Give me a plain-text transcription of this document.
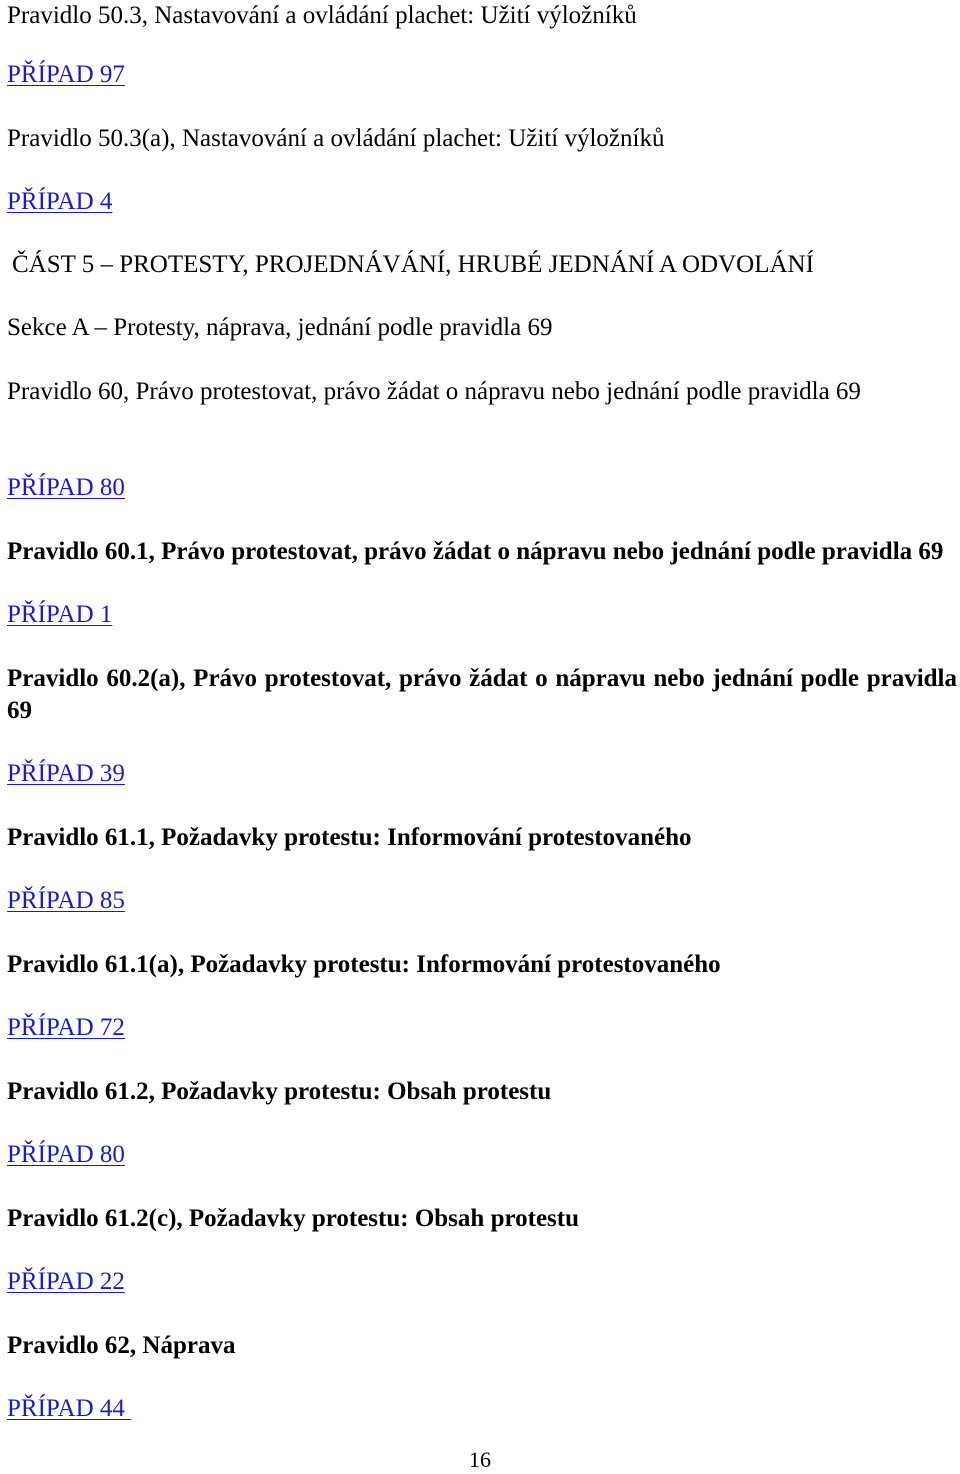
Pravidlo 50.3, Nastavování a ovládání plachet: Užití výložníků
PŘÍPAD 97
Pravidlo 50.3(a), Nastavování a ovládání plachet: Užití výložníků
PŘÍPAD 4
ČÁST 5 – PROTESTY, PROJEDNÁVÁNÍ, HRUBÉ JEDNÁNÍ A ODVOLÁNÍ
Sekce A – Protesty, náprava, jednání podle pravidla 69
Pravidlo 60, Právo protestovat, právo žádat o nápravu nebo jednání podle pravidla 69
PŘÍPAD 80
Pravidlo 60.1, Právo protestovat, právo žádat o nápravu nebo jednání podle pravidla 69
PŘÍPAD 1
Pravidlo 60.2(a), Právo protestovat, právo žádat o nápravu nebo jednání podle pravidla 69
PŘÍPAD 39
Pravidlo 61.1, Požadavky protestu: Informování protestovaného
PŘÍPAD 85
Pravidlo 61.1(a), Požadavky protestu: Informování protestovaného
PŘÍPAD 72
Pravidlo 61.2, Požadavky protestu: Obsah protestu
PŘÍPAD 80
Pravidlo 61.2(c), Požadavky protestu: Obsah protestu
PŘÍPAD 22
Pravidlo 62, Náprava
PŘÍPAD 44
16
